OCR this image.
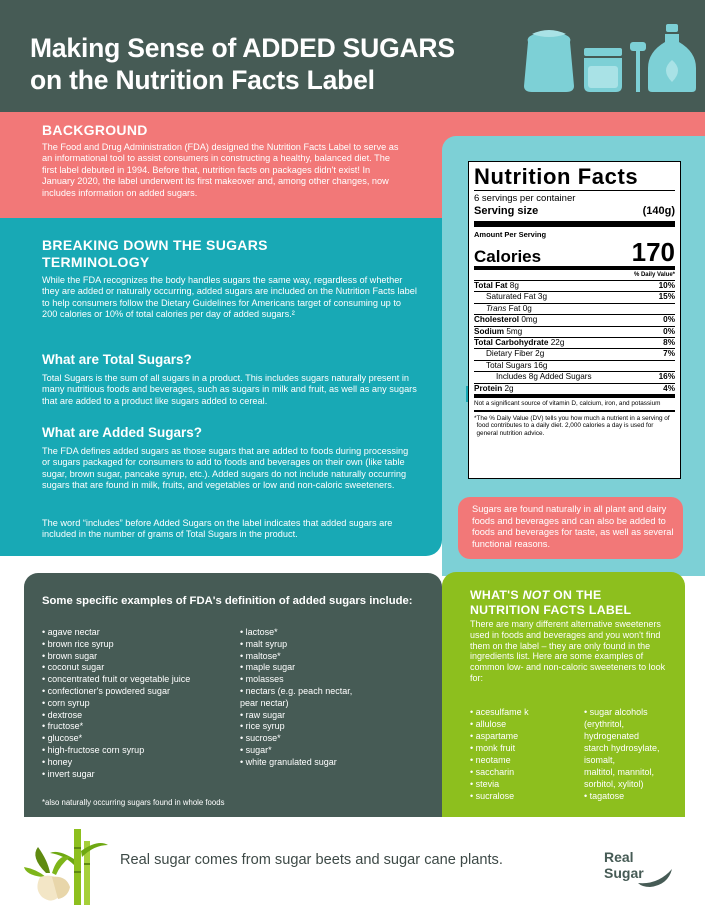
Making Sense of ADDED SUGARS
on the Nutrition Facts Label
BACKGROUND

The Food and Drug Administration (FDA) designed the Nutrition Facts Label to serve as an informational tool to assist consumers in constructing a healthy, balanced diet. The first label debuted in 1994. Before that, nutrition facts on packages didn't exist! In January 2020, the label underwent its first makeover and, among other changes, now includes information on added sugars.

BREAKING DOWN THE SUGARS TERMINOLOGY

While the FDA recognizes the body handles sugars the same way, regardless of whether they are added or naturally occurring, added sugars are included on the Nutrition Facts label to help consumers follow the Dietary Guidelines for Americans target of consuming up to 200 calories or 10% of total calories per day of added sugars.²

What are Total Sugars?

Total Sugars is the sum of all sugars in a product. This includes sugars naturally present in many nutritious foods and beverages, such as sugars in milk and fruit, as well as any sugars that are added to a product like sugars added to cereal.

What are Added Sugars?

The FDA defines added sugars as those sugars that are added to foods during processing or sugars packaged for consumers to add to foods and beverages on their own (like table sugar, brown sugar, pancake syrup, etc.). Added sugars do not include naturally occurring sugars that are found in milk, fruits, and vegetables or low and non-caloric sweeteners.

The word “includes” before Added Sugars on the label indicates that added sugars are included in the number of grams of Total Sugars in the product.

Nutrition Facts
6 servings per container
Serving size	(140g)
Amount Per Serving
Calories	170
% Daily Value*
Total Fat 8g	10%
Saturated Fat 3g	15%
Trans Fat 0g
Cholesterol 0mg	0%
Sodium 5mg	0%
Total Carbohydrate 22g	8%
Dietary Fiber 2g	7%
Total Sugars 16g
Includes 8g Added Sugars	16%
Protein 2g	4%
Not a significant source of vitamin D, calcium, iron, and potassium
* The % Daily Value (DV) tells you how much a nutrient in a serving of food contributes to a daily diet. 2,000 calories a day is used for general nutrition advice.

Sugars are found naturally in all plant and dairy foods and beverages and can also be added to foods and beverages for taste, as well as several functional reasons.

Some specific examples of FDA's definition of added sugars include:
• agave nectar
• brown rice syrup
• brown sugar
• coconut sugar
• concentrated fruit or vegetable juice
• confectioner's powdered sugar
• corn syrup
• dextrose
• fructose*
• glucose*
• high-fructose corn syrup
• honey
• invert sugar
• lactose*
• malt syrup
• maltose*
• maple sugar
• molasses
• nectars (e.g. peach nectar,
pear nectar)
• raw sugar
• rice syrup
• sucrose*
• sugar*
• white granulated sugar
*also naturally occurring sugars found in whole foods
WHAT'S NOT ON THE
NUTRITION FACTS LABEL

There are many different alternative sweeteners used in foods and beverages and you won't find them on the label – they are only found in the ingredients list. Here are some examples of common low- and non-caloric sweeteners to look for:

• acesulfame k
• allulose
• aspartame
• monk fruit
• neotame
• saccharin
• stevia
• sucralose
• sugar alcohols
(erythritol,
hydrogenated
starch hydrosylate,
isomalt,
maltitol, mannitol,
sorbitol, xylitol)
• tagatose

Real sugar comes from sugar beets and sugar cane plants.	Real
Sugar
